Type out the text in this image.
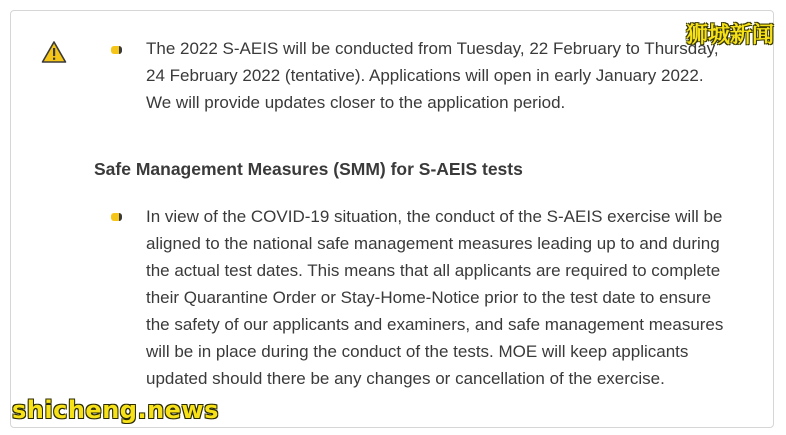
The 2022 S-AEIS will be conducted from Tuesday, 22 February to Thursday,
24 February 2022 (tentative). Applications will open in early January 2022.
We will provide updates closer to the application period.

Safe Management Measures (SMM) for S-AEIS tests

In view of the COVID-19 situation, the conduct of the S-AEIS exercise will be
aligned to the national safe management measures leading up to and during
the actual test dates. This means that all applicants are required to complete
their Quarantine Order or Stay-Home-Notice prior to the test date to ensure
the safety of our applicants and examiners, and safe management measures
will be in place during the conduct of the tests. MOE will keep applicants
updated should there be any changes or cancellation of the exercise.

狮城新闻
shicheng.news
